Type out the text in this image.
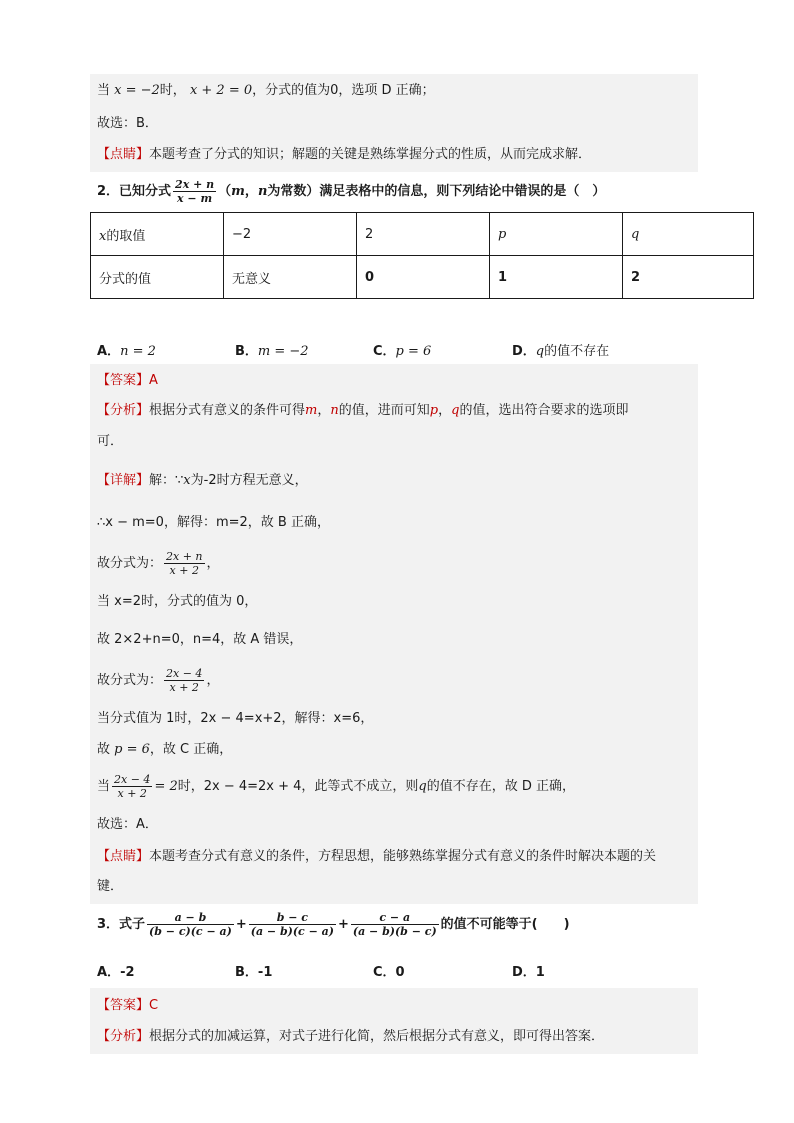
当 x = −2时， x + 2 = 0，分式的值为0，选项 D 正确；
故选：B．
【点睛】本题考查了分式的知识；解题的关键是熟练掌握分式的性质，从而完成求解．
2．已知分式 $\frac{2x + n}{x - m} (m$，n为常数）满足表格中的信息，则下列结论中错误的是（　）
x的取值	−2	2	p	q
分式的值	无意义	0	1	2
A．n = 2	B．m = −2	C．p = 6	D．q的值不存在
【答案】A
【分析】根据分式有意义的条件可得m，n的值，进而可知p，q的值，选出符合要求的选项即
可．
【详解】解：∵x为-2时方程无意义，
∴x − m=0，解得：m=2，故 B 正确，
故分式为： $\frac{2x + n}{x + 2}$ ，
当 x=2时，分式的值为 0，
故 2×2+n=0，n=4，故 A 错误，
故分式为： $\frac{2x - 4}{x + 2}$ ，
当分式值为 1时，2x − 4=x+2，解得：x=6，
故 p = 6，故 C 正确，
当 $\frac{2x - 4}{x + 2} = 2$时，2x − 4=2x + 4，此等式不成立，则q的值不存在，故 D 正确，
故选：A．
【点睛】本题考查分式有意义的条件，方程思想，能够熟练掌握分式有意义的条件时解决本题的关
键．
3．式子 $\frac{a - b}{(b - c)(c - a)} + \frac{b - c}{(a - b)(c - a)} + \frac{c - a}{(a - b)(b - c)}$ 的值不可能等于(　　)
A．-2	B．-1	C．0	D．1
【答案】C
【分析】根据分式的加减运算，对式子进行化简，然后根据分式有意义，即可得出答案．
